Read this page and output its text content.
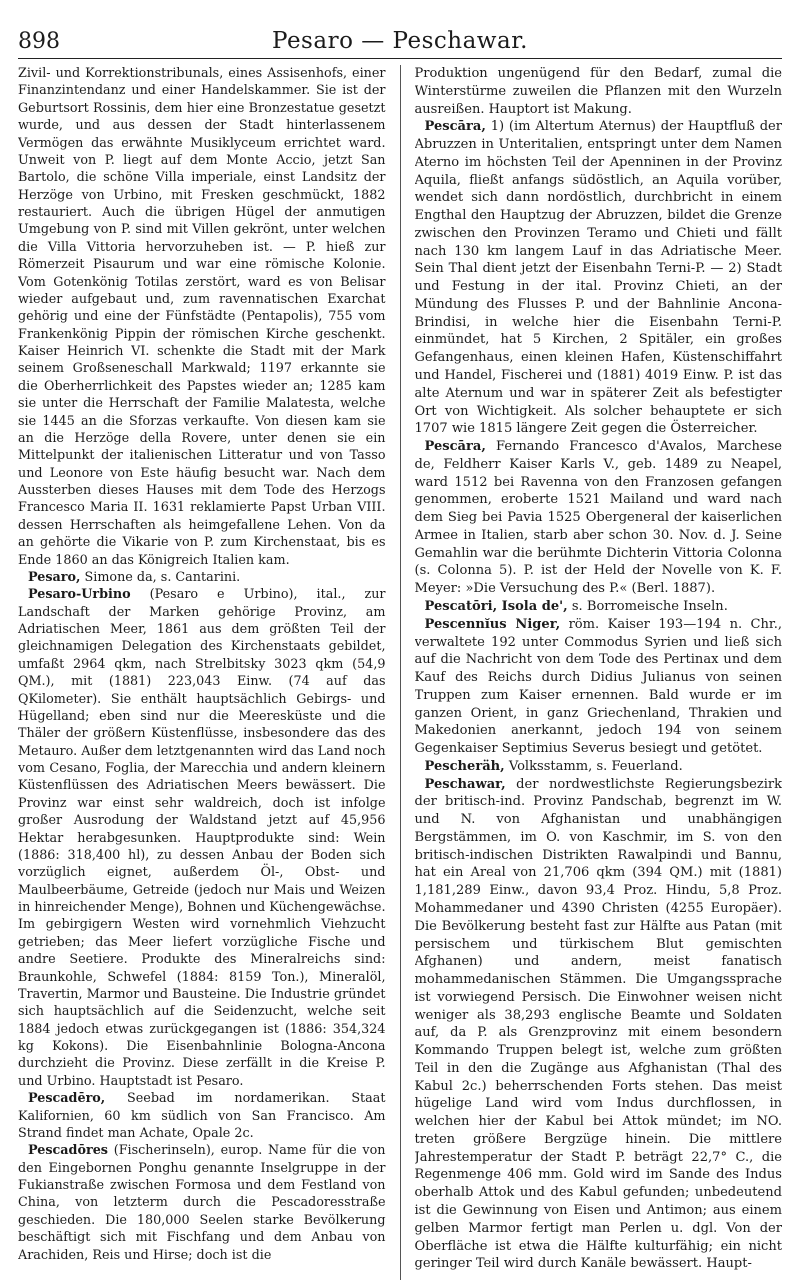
898	Pesaro — Peschawar.

Zivil- und Korrektionstribunals, eines Assisenhofs, einer Finanzintendanz und einer Handelskammer. Sie ist der Geburtsort Rossinis, dem hier eine Bronzestatue gesetzt wurde, und aus dessen der Stadt hinterlassenem Vermögen das erwähnte Musiklyceum errichtet ward. Unweit von P. liegt auf dem Monte Accio, jetzt San Bartolo, die schöne Villa imperiale, einst Landsitz der Herzöge von Urbino, mit Fresken geschmückt, 1882 restauriert. Auch die übrigen Hügel der anmutigen Umgebung von P. sind mit Villen gekrönt, unter welchen die Villa Vittoria hervorzuheben ist. — P. hieß zur Römerzeit Pisaurum und war eine römische Kolonie. Vom Gotenkönig Totilas zerstört, ward es von Belisar wieder aufgebaut und, zum ravennatischen Exarchat gehörig und eine der Fünfstädte (Pentapolis), 755 vom Frankenkönig Pippin der römischen Kirche geschenkt. Kaiser Heinrich VI. schenkte die Stadt mit der Mark seinem Großseneschall Markwald; 1197 erkannte sie die Oberherrlichkeit des Papstes wieder an; 1285 kam sie unter die Herrschaft der Familie Malatesta, welche sie 1445 an die Sforzas verkaufte. Von diesen kam sie an die Herzöge della Rovere, unter denen sie ein Mittelpunkt der italienischen Litteratur und von Tasso und Leonore von Este häufig besucht war. Nach dem Aussterben dieses Hauses mit dem Tode des Herzogs Francesco Maria II. 1631 reklamierte Papst Urban VIII. dessen Herrschaften als heimgefallene Lehen. Von da an gehörte die Vikarie von P. zum Kirchenstaat, bis es Ende 1860 an das Königreich Italien kam.

Pesaro, Simone da, s. Cantarini.

Pesaro-Urbino (Pesaro e Urbino), ital., zur Landschaft der Marken gehörige Provinz, am Adriatischen Meer, 1861 aus dem größten Teil der gleichnamigen Delegation des Kirchenstaats gebildet, umfaßt 2964 qkm, nach Strelbitsky 3023 qkm (54,9 QM.), mit (1881) 223,043 Einw. (74 auf das QKilometer). Sie enthält hauptsächlich Gebirgs- und Hügelland; eben sind nur die Meeresküste und die Thäler der größern Küstenflüsse, insbesondere das des Metauro. Außer dem letztgenannten wird das Land noch vom Cesano, Foglia, der Marecchia und andern kleinern Küstenflüssen des Adriatischen Meers bewässert. Die Provinz war einst sehr waldreich, doch ist infolge großer Ausrodung der Waldstand jetzt auf 45,956 Hektar herabgesunken. Hauptprodukte sind: Wein (1886: 318,400 hl), zu dessen Anbau der Boden sich vorzüglich eignet, außerdem Öl-, Obst- und Maulbeerbäume, Getreide (jedoch nur Mais und Weizen in hinreichender Menge), Bohnen und Küchengewächse. Im gebirgigern Westen wird vornehmlich Viehzucht getrieben; das Meer liefert vorzügliche Fische und andre Seetiere. Produkte des Mineralreichs sind: Braunkohle, Schwefel (1884: 8159 Ton.), Mineralöl, Travertin, Marmor und Bausteine. Die Industrie gründet sich hauptsächlich auf die Seidenzucht, welche seit 1884 jedoch etwas zurückgegangen ist (1886: 354,324 kg Kokons). Die Eisenbahnlinie Bologna-Ancona durchzieht die Provinz. Diese zerfällt in die Kreise P. und Urbino. Hauptstadt ist Pesaro.

Pescadēro, Seebad im nordamerikan. Staat Kalifornien, 60 km südlich von San Francisco. Am Strand findet man Achate, Opale 2c.

Pescadōres (Fischerinseln), europ. Name für die von den Eingebornen Ponghu genannte Inselgruppe in der Fukianstraße zwischen Formosa und dem Festland von China, von letzterm durch die Pescadoresstraße geschieden. Die 180,000 Seelen starke Bevölkerung beschäftigt sich mit Fischfang und dem Anbau von Arachiden, Reis und Hirse; doch ist die

Produktion ungenügend für den Bedarf, zumal die Winterstürme zuweilen die Pflanzen mit den Wurzeln ausreißen. Hauptort ist Makung.

Pescāra, 1) (im Altertum Aternus) der Hauptfluß der Abruzzen in Unteritalien, entspringt unter dem Namen Aterno im höchsten Teil der Apenninen in der Provinz Aquila, fließt anfangs südöstlich, an Aquila vorüber, wendet sich dann nordöstlich, durchbricht in einem Engthal den Hauptzug der Abruzzen, bildet die Grenze zwischen den Provinzen Teramo und Chieti und fällt nach 130 km langem Lauf in das Adriatische Meer. Sein Thal dient jetzt der Eisenbahn Terni-P. — 2) Stadt und Festung in der ital. Provinz Chieti, an der Mündung des Flusses P. und der Bahnlinie Ancona-Brindisi, in welche hier die Eisenbahn Terni-P. einmündet, hat 5 Kirchen, 2 Spitäler, ein großes Gefangenhaus, einen kleinen Hafen, Küstenschiffahrt und Handel, Fischerei und (1881) 4019 Einw. P. ist das alte Aternum und war in späterer Zeit als befestigter Ort von Wichtigkeit. Als solcher behauptete er sich 1707 wie 1815 längere Zeit gegen die Österreicher.

Pescāra, Fernando Francesco d'Avalos, Marchese de, Feldherr Kaiser Karls V., geb. 1489 zu Neapel, ward 1512 bei Ravenna von den Franzosen gefangen genommen, eroberte 1521 Mailand und ward nach dem Sieg bei Pavia 1525 Obergeneral der kaiserlichen Armee in Italien, starb aber schon 30. Nov. d. J. Seine Gemahlin war die berühmte Dichterin Vittoria Colonna (s. Colonna 5). P. ist der Held der Novelle von K. F. Meyer: »Die Versuchung des P.« (Berl. 1887).

Pescatōri, Isola de', s. Borromeische Inseln.

Pescennĭus Niger, röm. Kaiser 193—194 n. Chr., verwaltete 192 unter Commodus Syrien und ließ sich auf die Nachricht von dem Tode des Pertinax und dem Kauf des Reichs durch Didius Julianus von seinen Truppen zum Kaiser ernennen. Bald wurde er im ganzen Orient, in ganz Griechenland, Thrakien und Makedonien anerkannt, jedoch 194 von seinem Gegenkaiser Septimius Severus besiegt und getötet.

Pescheräh, Volksstamm, s. Feuerland.

Peschawar, der nordwestlichste Regierungsbezirk der britisch-ind. Provinz Pandschab, begrenzt im W. und N. von Afghanistan und unabhängigen Bergstämmen, im O. von Kaschmir, im S. von den britisch-indischen Distrikten Rawalpindi und Bannu, hat ein Areal von 21,706 qkm (394 QM.) mit (1881) 1,181,289 Einw., davon 93,4 Proz. Hindu, 5,8 Proz. Mohammedaner und 4390 Christen (4255 Europäer). Die Bevölkerung besteht fast zur Hälfte aus Patan (mit persischem und türkischem Blut gemischten Afghanen) und andern, meist fanatisch mohammedanischen Stämmen. Die Umgangssprache ist vorwiegend Persisch. Die Einwohner weisen nicht weniger als 38,293 englische Beamte und Soldaten auf, da P. als Grenzprovinz mit einem besondern Kommando Truppen belegt ist, welche zum größten Teil in den die Zugänge aus Afghanistan (Thal des Kabul 2c.) beherrschenden Forts stehen. Das meist hügelige Land wird vom Indus durchflossen, in welchen hier der Kabul bei Attok mündet; im NO. treten größere Bergzüge hinein. Die mittlere Jahrestemperatur der Stadt P. beträgt 22,7° C., die Regenmenge 406 mm. Gold wird im Sande des Indus oberhalb Attok und des Kabul gefunden; unbedeutend ist die Gewinnung von Eisen und Antimon; aus einem gelben Marmor fertigt man Perlen u. dgl. Von der Oberfläche ist etwa die Hälfte kulturfähig; ein nicht geringer Teil wird durch Kanäle bewässert. Haupt-
